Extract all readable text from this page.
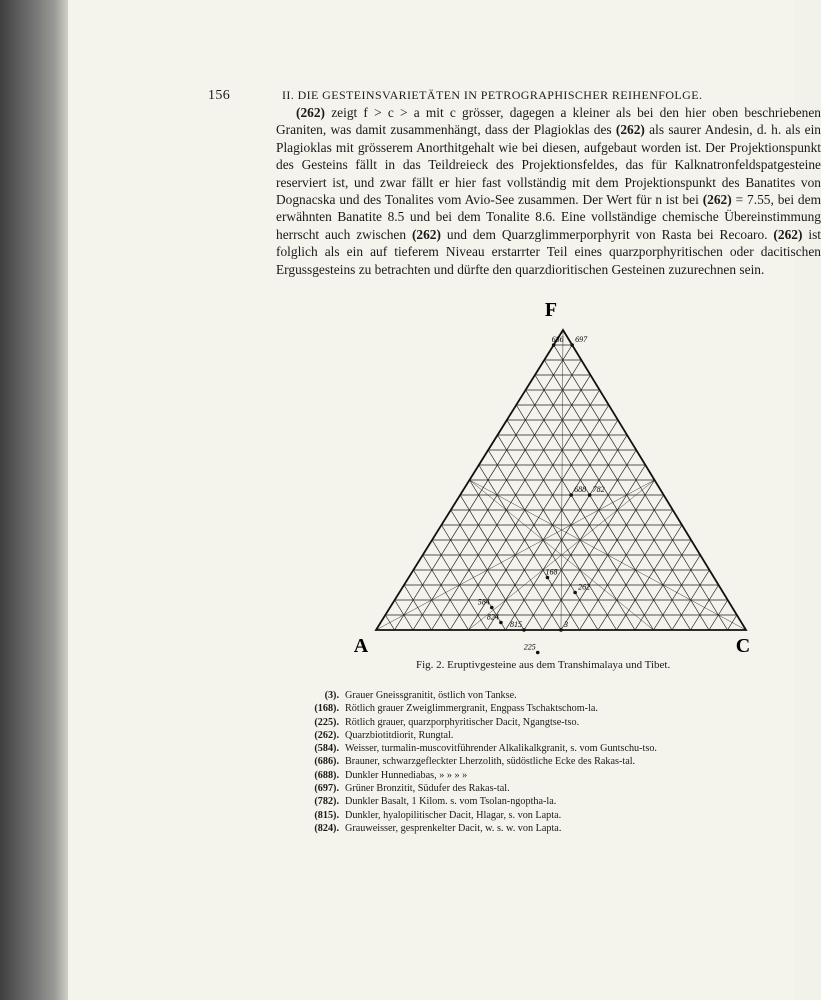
156	II. DIE GESTEINSVARIETÄTEN IN PETROGRAPHISCHER REIHENFOLGE.

(262) zeigt f > c > a mit c grösser, dagegen a kleiner als bei den hier oben beschriebenen Graniten, was damit zusammenhängt, dass der Plagioklas des (262) als saurer Andesin, d. h. als ein Plagioklas mit grösserem Anorthitgehalt wie bei diesen, aufgebaut worden ist. Der Projektionspunkt des Gesteins fällt in das Teildreieck des Projektionsfeldes, das für Kalknatronfeldspatgesteine reserviert ist, und zwar fällt er hier fast vollständig mit dem Projektionspunkt des Banatites von Dognacska und des Tonalites vom Avio-See zusammen. Der Wert für n ist bei (262) = 7.55, bei dem erwähnten Banatite 8.5 und bei dem Tonalite 8.6. Eine vollständige chemische Übereinstimmung herrscht auch zwischen (262) und dem Quarzglimmerporphyrit von Rasta bei Recoaro. (262) ist folglich als ein auf tieferem Niveau erstarrter Teil eines quarzporphyritischen oder dacitischen Ergussgesteins zu betrachten und dürfte den quarzdioritischen Gesteinen zuzurechnen sein.

686 697
688 782
168
262
584
824
815
225
3
F
A	C
Fig. 2. Eruptivgesteine aus dem Transhimalaya und Tibet.
(3). Grauer Gneissgranitit, östlich von Tankse.
(168). Rötlich grauer Zweiglimmergranit, Engpass Tschaktschom-la.
(225). Rötlich grauer, quarzporphyritischer Dacit, Ngangtse-tso.
(262). Quarzbiotitdiorit, Rungtal.
(584). Weisser, turmalin-muscovitführender Alkalikalkgranit, s. vom Guntschu-tso.
(686). Brauner, schwarzgefleckter Lherzolith, südöstliche Ecke des Rakas-tal.
(688). Dunkler Hunnediabas, » » » »
(697). Grüner Bronzitit, Südufer des Rakas-tal.
(782). Dunkler Basalt, 1 Kilom. s. vom Tsolan-ngoptha-la.
(815). Dunkler, hyalopilitischer Dacit, Hlagar, s. von Lapta.
(824). Grauweisser, gesprenkelter Dacit, w. s. w. von Lapta.
